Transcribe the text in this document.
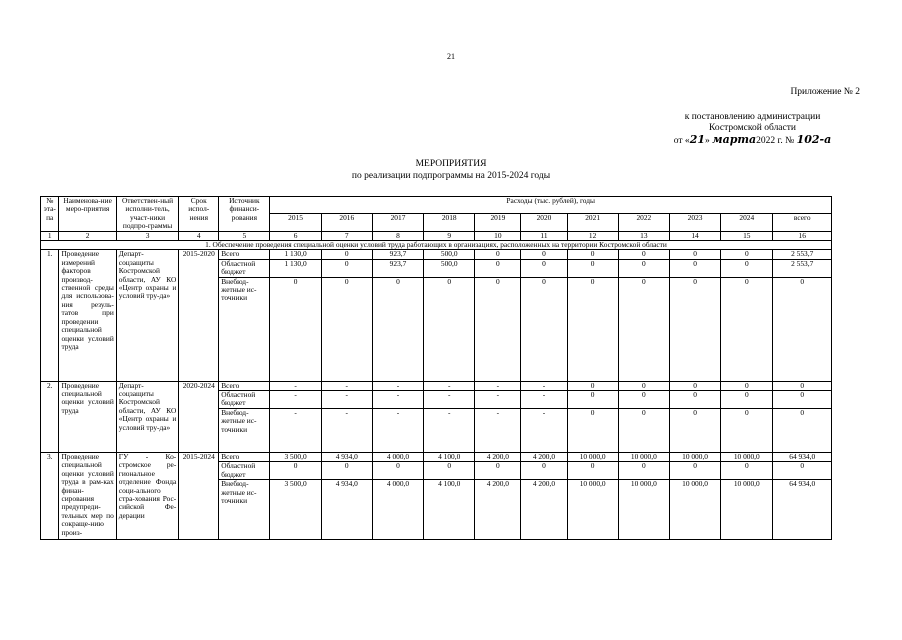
21
Приложение № 2
к постановлению администрации
Костромской области
от «21» марта2022 г. № 102-а
МЕРОПРИЯТИЯ
по реализации подпрограммы на 2015-2024 годы
№ эта-па	Наименова-ние меро-приятия	Ответствен-ный исполни-тель, участ-ники подпро-граммы	Срок испол-нения	Источник финанси-рования	Расходы (тыс. рублей), годы										
					2015	2016	2017	2018	2019	2020	2021	2022	2023	2024	всего
1	2	3	4	5	6	7	8	9	10	11	12	13	14	15	16
1. Обеспечение проведения специальной оценки условий труда работающих в организациях, расположенных на территории Костромской области															
1.	Проведение измерений факторов производ-ственной среды для использова-ния резуль-татов при проведении специальной оценки условий труда	Департ-соцзащиты Костромской области, АУ КО «Центр охраны и условий тру-да»	2015-2020	Всего	1 130,0	0	923,7	500,0	0	0	0	0	0	0	2 553,7
				Областной бюджет	1 130,0	0	923,7	500,0	0	0	0	0	0	0	2 553,7
				Внебюд-жетные ис-точники	0	0	0	0	0	0	0	0	0	0	0
2.	Проведение специальной оценки условий труда	Департ-соцзащиты Костромской области, АУ КО «Центр охраны и условий тру-да»	2020-2024	Всего	-	-	-	-	-	-	0	0	0	0	0
				Областной бюджет	-	-	-	-	-	-	0	0	0	0	0
				Внебюд-жетные ис-точники	-	-	-	-	-	-	0	0	0	0	0
3.	Проведение специальной оценки условий труда в рам-ках финан-сирования предупреди-тельных мер по сокраще-нию произ-	ГУ - Ко-стромское ре-гиональное отделение Фонда соци-ального стра-хования Рос-сийской Фе-дерации	2015-2024	Всего	3 500,0	4 934,0	4 000,0	4 100,0	4 200,0	4 200,0	10 000,0	10 000,0	10 000,0	10 000,0	64 934,0
				Областной бюджет	0	0	0	0	0	0	0	0	0	0	0
				Внебюд-жетные ис-точники	3 500,0	4 934,0	4 000,0	4 100,0	4 200,0	4 200,0	10 000,0	10 000,0	10 000,0	10 000,0	64 934,0
